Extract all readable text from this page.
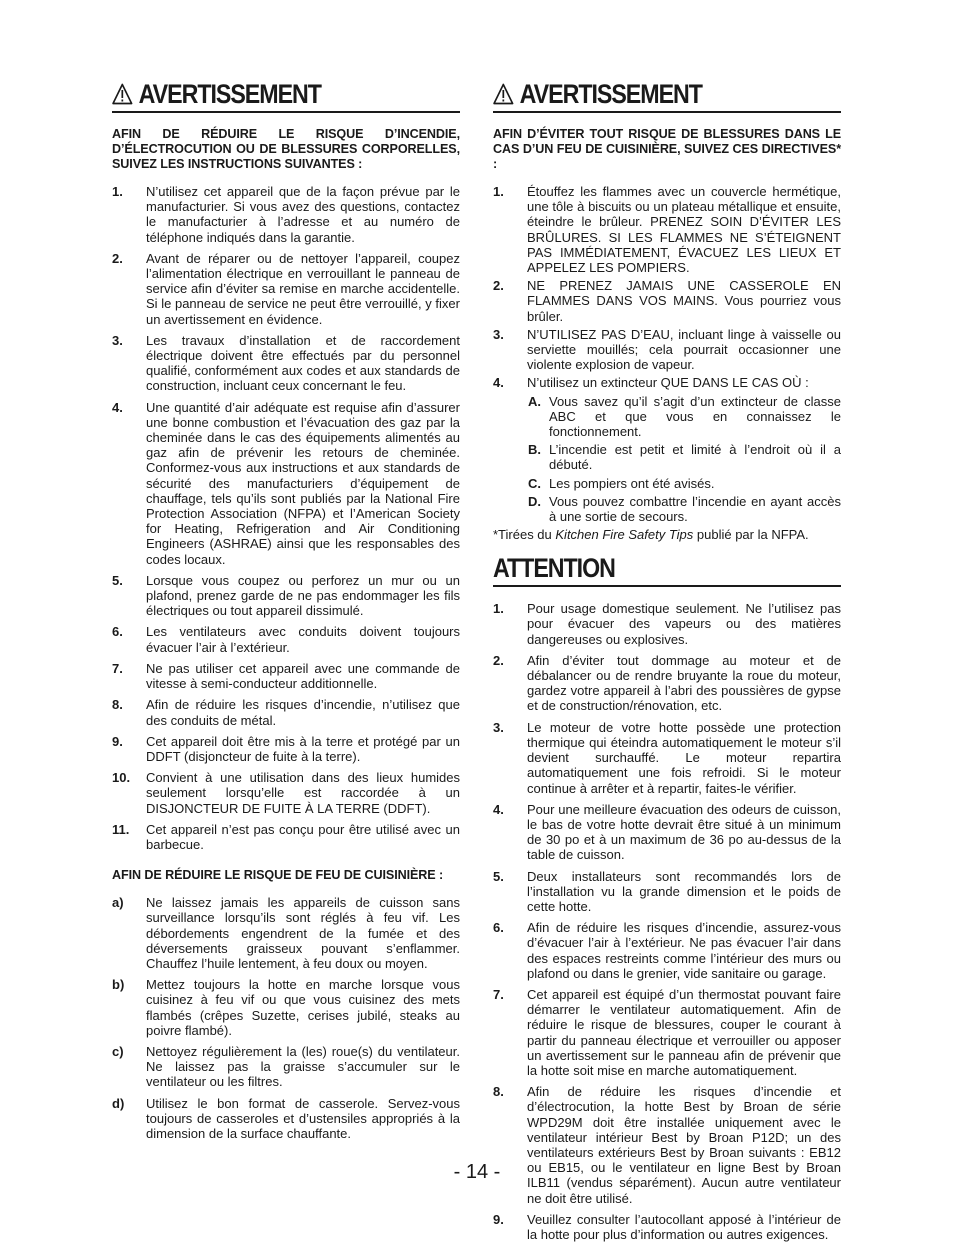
AVERTISSEMENT
AFIN DE RÉDUIRE LE RISQUE D’INCENDIE, D’ÉLECTROCUTION OU DE BLESSURES CORPORELLES, SUIVEZ LES INSTRUCTIONS SUIVANTES :
1.	N’utilisez cet appareil que de la façon prévue par le manufacturier. Si vous avez des questions, contactez le manufacturier à l’adresse et au numéro de téléphone indiqués dans la garantie.
2.	Avant de réparer ou de nettoyer l’appareil, coupez l’alimentation électrique en verrouillant le panneau de service afin d’éviter sa remise en marche accidentelle. Si le panneau de service ne peut être verrouillé, y fixer un avertissement en évidence.
3.	Les travaux d’installation et de raccordement électrique doivent être effectués par du personnel qualifié, conformément aux codes et aux standards de construction, incluant ceux concernant le feu.
4.	Une quantité d’air adéquate est requise afin d’assurer une bonne combustion et l’évacuation des gaz par la cheminée dans le cas des équipements alimentés au gaz afin de prévenir les retours de cheminée. Conformez-vous aux instructions et aux standards de sécurité des manufacturiers d’équipement de chauffage, tels qu’ils sont publiés par la National Fire Protection Association (NFPA) et l’American Society for Heating, Refrigeration and Air Conditioning Engineers (ASHRAE) ainsi que les responsables des codes locaux.
5.	Lorsque vous coupez ou perforez un mur ou un plafond, prenez garde de ne pas endommager les fils électriques ou tout appareil dissimulé.
6.	Les ventilateurs avec conduits doivent toujours évacuer l’air à l’extérieur.
7.	Ne pas utiliser cet appareil avec une commande de vitesse à semi-conducteur additionnelle.
8.	Afin de réduire les risques d’incendie, n’utilisez que des conduits de métal.
9.	Cet appareil doit être mis à la terre et protégé par un DDFT (disjoncteur de fuite à la terre).
10.	Convient à une utilisation dans des lieux humides seulement lorsqu’elle est raccordée à un DISJONCTEUR DE FUITE À LA TERRE (DDFT).
11.	Cet appareil n’est pas conçu pour être utilisé avec un barbecue.
AFIN DE RÉDUIRE LE RISQUE DE FEU DE CUISINIÈRE :
a)	Ne laissez jamais les appareils de cuisson sans surveillance lorsqu’ils sont réglés à feu vif. Les débordements engendrent de la fumée et des déversements graisseux pouvant s’enflammer. Chauffez l’huile lentement, à feu doux ou moyen.
b)	Mettez toujours la hotte en marche lorsque vous cuisinez à feu vif ou que vous cuisinez des mets flambés (crêpes Suzette, cerises jubilé, steaks au poivre flambé).
c)	Nettoyez régulièrement la (les) roue(s) du ventilateur. Ne laissez pas la graisse s’accumuler sur le ventilateur ou les filtres.
d)	Utilisez le bon format de casserole. Servez-vous toujours de casseroles et d’ustensiles appropriés à la dimension de la surface chauffante.
AVERTISSEMENT
AFIN D’ÉVITER TOUT RISQUE DE BLESSURES DANS LE CAS D’UN FEU DE CUISINIÈRE, SUIVEZ CES DIRECTIVES* :
1.	Étouffez les flammes avec un couvercle hermétique, une tôle à biscuits ou un plateau métallique et ensuite, éteindre le brûleur. PRENEZ SOIN D’ÉVITER LES BRÛLURES. SI LES FLAMMES NE S’ÉTEIGNENT PAS IMMÉDIATEMENT, ÉVACUEZ LES LIEUX ET APPELEZ LES POMPIERS.
2.	NE PRENEZ JAMAIS UNE CASSEROLE EN FLAMMES DANS VOS MAINS. Vous pourriez vous brûler.
3.	N’UTILISEZ PAS D’EAU, incluant linge à vaisselle ou serviette mouillés; cela pourrait occasionner une violente explosion de vapeur.
4.	N’utilisez un extincteur QUE DANS LE CAS OÙ :
A. Vous savez qu’il s’agit d’un extincteur de classe ABC et que vous en connaissez le fonctionnement.
B. L’incendie est petit et limité à l’endroit où il a débuté.
C. Les pompiers ont été avisés.
D. Vous pouvez combattre l’incendie en ayant accès à une sortie de secours.
*Tirées du Kitchen Fire Safety Tips publié par la NFPA.
ATTENTION
1.	Pour usage domestique seulement. Ne l’utilisez pas pour évacuer des vapeurs ou des matières dangereuses ou explosives.
2.	Afin d’éviter tout dommage au moteur et de débalancer ou de rendre bruyante la roue du moteur, gardez votre appareil à l’abri des poussières de gypse et de construction/rénovation, etc.
3.	Le moteur de votre hotte possède une protection thermique qui éteindra automatiquement le moteur s’il devient surchauffé. Le moteur repartira automatiquement une fois refroidi. Si le moteur continue à arrêter et à repartir, faites-le vérifier.
4.	Pour une meilleure évacuation des odeurs de cuisson, le bas de votre hotte devrait être situé à un minimum de 30 po et à un maximum de 36 po au-dessus de la table de cuisson.
5.	Deux installateurs sont recommandés lors de l’installation vu la grande dimension et le poids de cette hotte.
6.	Afin de réduire les risques d’incendie, assurez-vous d’évacuer l’air à l’extérieur. Ne pas évacuer l’air dans des espaces restreints comme l’intérieur des murs ou plafond ou dans le grenier, vide sanitaire ou garage.
7.	Cet appareil est équipé d’un thermostat pouvant faire démarrer le ventilateur automatiquement. Afin de réduire le risque de blessures, couper le courant à partir du panneau électrique et verrouiller ou apposer un avertissement sur le panneau afin de prévenir que la hotte soit mise en marche automatiquement.
8.	Afin de réduire les risques d’incendie et d’électrocution, la hotte Best by Broan de série WPD29M doit être installée uniquement avec le ventilateur intérieur Best by Broan P12D; un des ventilateurs extérieurs Best by Broan suivants : EB12 ou EB15, ou le ventilateur en ligne Best by Broan ILB11 (vendus séparément). Aucun autre ventilateur ne doit être utilisé.
9.	Veuillez consulter l’autocollant apposé à l’intérieur de la hotte pour plus d’information ou autres exigences.
- 14 -
